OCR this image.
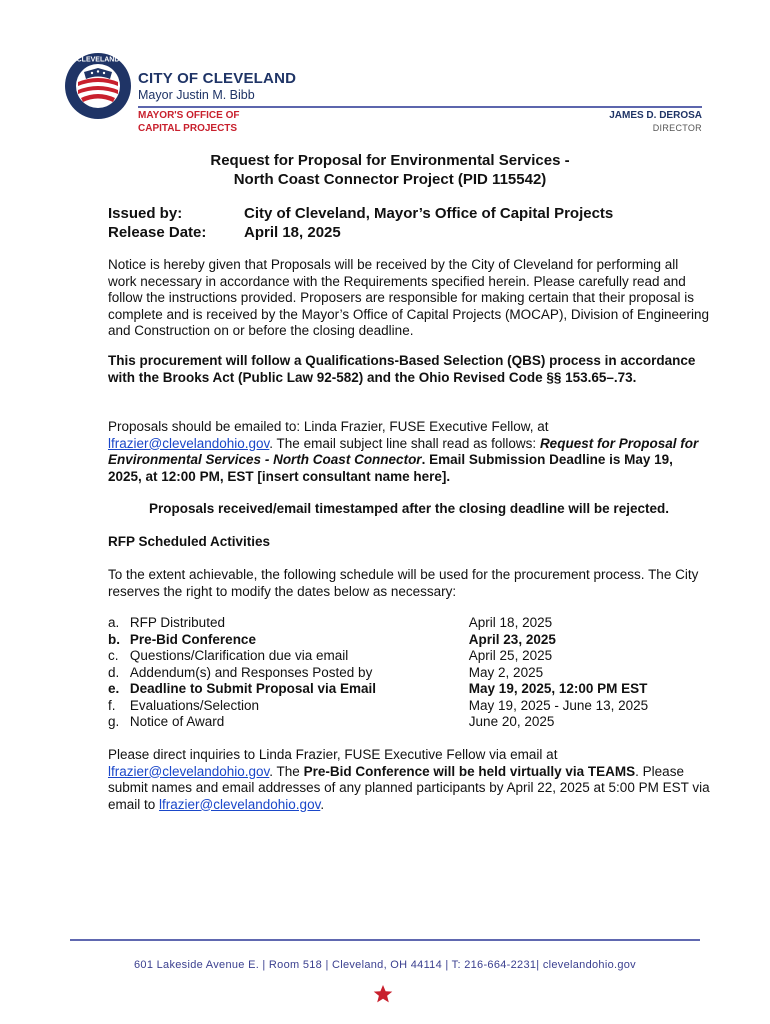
CLEVELAND
CITY OF CLEVELAND
Mayor Justin M. Bibb
MAYOR'S OFFICE OF
CAPITAL PROJECTS
JAMES D. DEROSA
DIRECTOR
Request for Proposal for Environmental Services -
North Coast Connector Project (PID 115542)
Issued by:	City of Cleveland, Mayor’s Office of Capital Projects
Release Date:	April 18, 2025
Notice is hereby given that Proposals will be received by the City of Cleveland for performing all work necessary in accordance with the Requirements specified herein. Please carefully read and follow the instructions provided. Proposers are responsible for making certain that their proposal is complete and is received by the Mayor’s Office of Capital Projects (MOCAP), Division of Engineering and Construction on or before the closing deadline.
This procurement will follow a Qualifications-Based Selection (QBS) process in accordance with the Brooks Act (Public Law 92-582) and the Ohio Revised Code §§ 153.65–.73.
Proposals should be emailed to: Linda Frazier, FUSE Executive Fellow, at lfrazier@clevelandohio.gov. The email subject line shall read as follows: Request for Proposal for Environmental Services - North Coast Connector. Email Submission Deadline is May 19, 2025, at 12:00 PM, EST [insert consultant name here].
Proposals received/email timestamped after the closing deadline will be rejected.
RFP Scheduled Activities
To the extent achievable, the following schedule will be used for the procurement process. The City reserves the right to modify the dates below as necessary:
a. RFP Distributed	April 18, 2025
b. Pre-Bid Conference	April 23, 2025
c. Questions/Clarification due via email	April 25, 2025
d. Addendum(s) and Responses Posted by	May 2, 2025
e. Deadline to Submit Proposal via Email	May 19, 2025, 12:00 PM EST
f.	Evaluations/Selection	May 19, 2025 - June 13, 2025
g. Notice of Award	June 20, 2025
Please direct inquiries to Linda Frazier, FUSE Executive Fellow via email at lfrazier@clevelandohio.gov. The Pre-Bid Conference will be held virtually via TEAMS. Please submit names and email addresses of any planned participants by April 22, 2025 at 5:00 PM EST via email to lfrazier@clevelandohio.gov.
601 Lakeside Avenue E. | Room 518 | Cleveland, OH 44114 | T: 216-664-2231| clevelandohio.gov
